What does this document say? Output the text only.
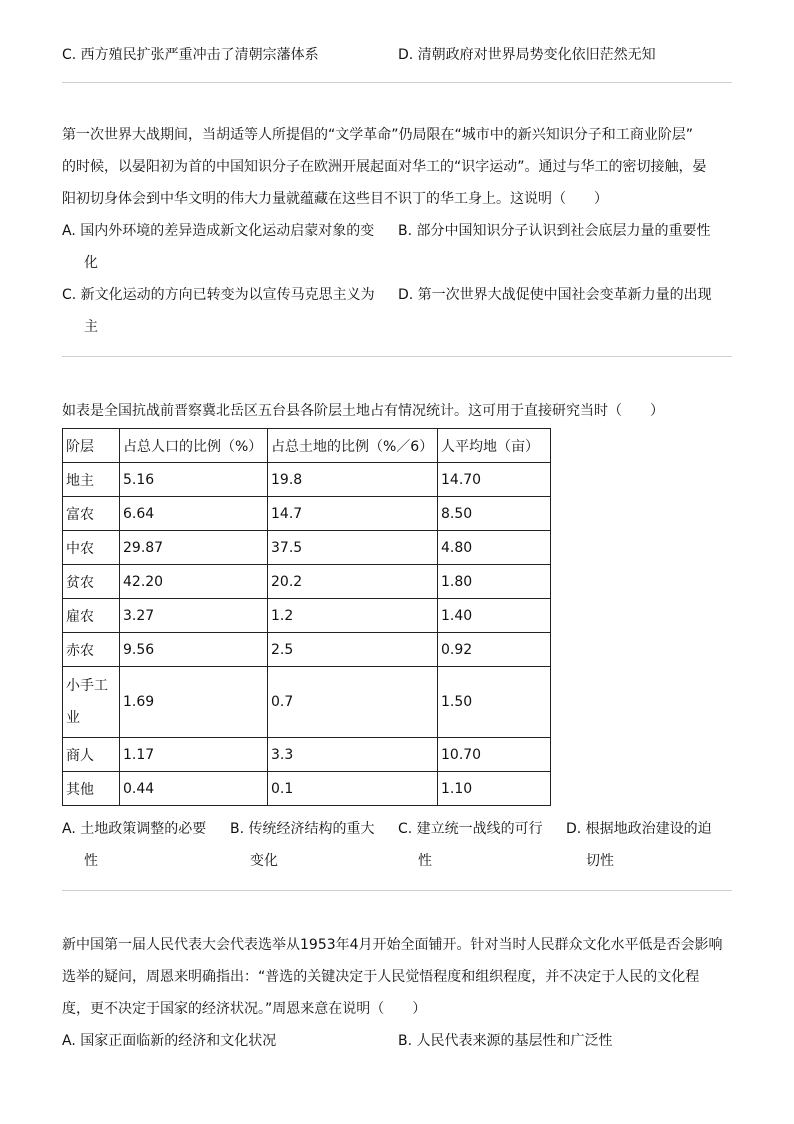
C. 西方殖民扩张严重冲击了清朝宗藩体系	D. 清朝政府对世界局势变化依旧茫然无知
第一次世界大战期间，当胡适等人所提倡的“文学革命”仍局限在“城市中的新兴知识分子和工商业阶层”
的时候，以晏阳初为首的中国知识分子在欧洲开展起面对华工的“识字运动”。通过与华工的密切接触，晏
阳初切身体会到中华文明的伟大力量就蕴藏在这些目不识丁的华工身上。这说明（　　）
A. 国内外环境的差异造成新文化运动启蒙对象的变
化
B. 部分中国知识分子认识到社会底层力量的重要性
C. 新文化运动的方向已转变为以宣传马克思主义为
主
D. 第一次世界大战促使中国社会变革新力量的出现
如表是全国抗战前晋察冀北岳区五台县各阶层土地占有情况统计。这可用于直接研究当时（　　）
阶层	占总人口的比例（%）	占总土地的比例（%／6）	人平均地（亩）
地主	5.16	19.8	14.70
富农	6.64	14.7	8.50
中农	29.87	37.5	4.80
贫农	42.20	20.2	1.80
雇农	3.27	1.2	1.40
赤农	9.56	2.5	0.92
小手工业	1.69	0.7	1.50
商人	1.17	3.3	10.70
其他	0.44	0.1	1.10
A. 土地政策调整的必要
性
B. 传统经济结构的重大
变化
C. 建立统一战线的可行
性
D. 根据地政治建设的迫
切性
新中国第一届人民代表大会代表选举从1953年4月开始全面铺开。针对当时人民群众文化水平低是否会影响
选举的疑问，周恩来明确指出：“普选的关键决定于人民觉悟程度和组织程度，并不决定于人民的文化程
度，更不决定于国家的经济状况。”周恩来意在说明（　　）
A. 国家正面临新的经济和文化状况	B. 人民代表来源的基层性和广泛性
